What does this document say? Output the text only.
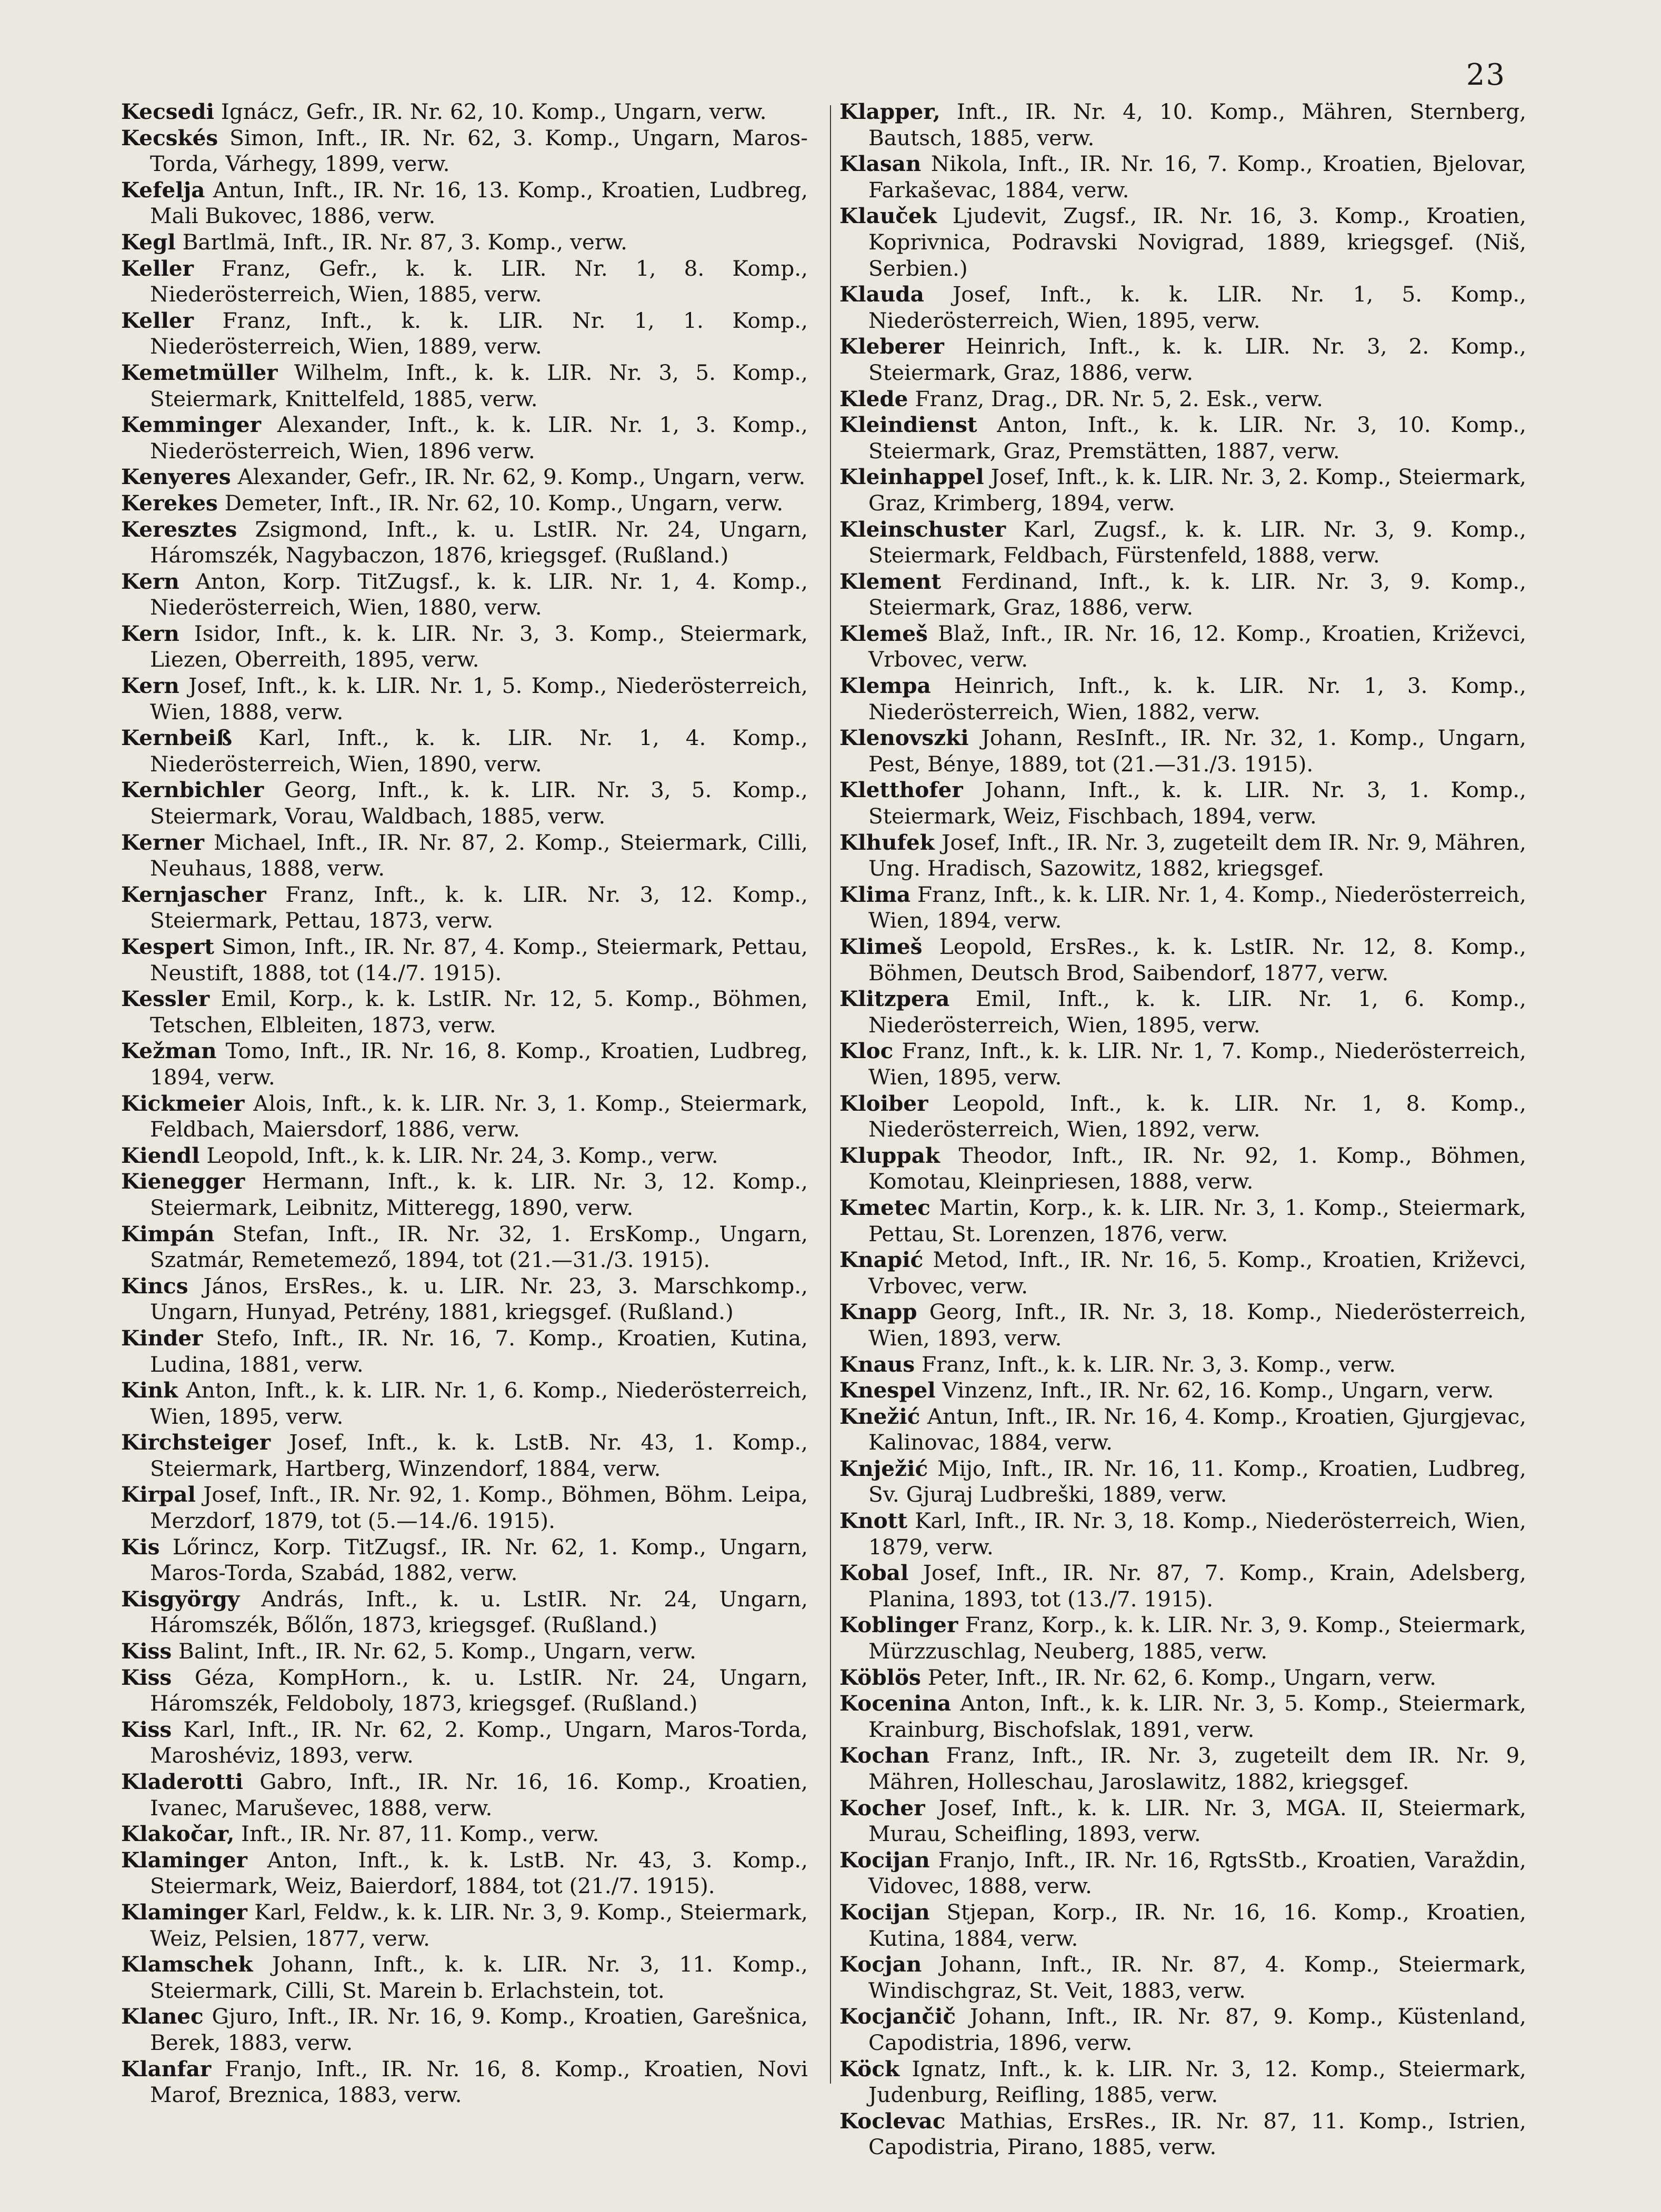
23
Kecsedi Ignácz, Gefr., IR. Nr. 62, 10. Komp., Ungarn, verw.
Kecskés Simon, Inft., IR. Nr. 62, 3. Komp., Ungarn, Maros-Torda, Várhegy, 1899, verw.
Kefelja Antun, Inft., IR. Nr. 16, 13. Komp., Kroatien, Ludbreg, Mali Bukovec, 1886, verw.
Kegl Bartlmä, Inft., IR. Nr. 87, 3. Komp., verw.
Keller Franz, Gefr., k. k. LIR. Nr. 1, 8. Komp., Niederösterreich, Wien, 1885, verw.
Keller Franz, Inft., k. k. LIR. Nr. 1, 1. Komp., Niederösterreich, Wien, 1889, verw.
Kemetmüller Wilhelm, Inft., k. k. LIR. Nr. 3, 5. Komp., Steiermark, Knittelfeld, 1885, verw.
Kemminger Alexander, Inft., k. k. LIR. Nr. 1, 3. Komp., Niederösterreich, Wien, 1896 verw.
Kenyeres Alexander, Gefr., IR. Nr. 62, 9. Komp., Ungarn, verw.
Kerekes Demeter, Inft., IR. Nr. 62, 10. Komp., Ungarn, verw.
Keresztes Zsigmond, Inft., k. u. LstIR. Nr. 24, Ungarn, Háromszék, Nagybaczon, 1876, kriegsgef. (Rußland.)
Kern Anton, Korp. TitZugsf., k. k. LIR. Nr. 1, 4. Komp., Niederösterreich, Wien, 1880, verw.
Kern Isidor, Inft., k. k. LIR. Nr. 3, 3. Komp., Steiermark, Liezen, Oberreith, 1895, verw.
Kern Josef, Inft., k. k. LIR. Nr. 1, 5. Komp., Niederösterreich, Wien, 1888, verw.
Kernbeiß Karl, Inft., k. k. LIR. Nr. 1, 4. Komp., Niederösterreich, Wien, 1890, verw.
Kernbichler Georg, Inft., k. k. LIR. Nr. 3, 5. Komp., Steiermark, Vorau, Waldbach, 1885, verw.
Kerner Michael, Inft., IR. Nr. 87, 2. Komp., Steiermark, Cilli, Neuhaus, 1888, verw.
Kernjascher Franz, Inft., k. k. LIR. Nr. 3, 12. Komp., Steiermark, Pettau, 1873, verw.
Kespert Simon, Inft., IR. Nr. 87, 4. Komp., Steiermark, Pettau, Neustift, 1888, tot (14./7. 1915).
Kessler Emil, Korp., k. k. LstIR. Nr. 12, 5. Komp., Böhmen, Tetschen, Elbleiten, 1873, verw.
Kežman Tomo, Inft., IR. Nr. 16, 8. Komp., Kroatien, Ludbreg, 1894, verw.
Kickmeier Alois, Inft., k. k. LIR. Nr. 3, 1. Komp., Steiermark, Feldbach, Maiersdorf, 1886, verw.
Kiendl Leopold, Inft., k. k. LIR. Nr. 24, 3. Komp., verw.
Kienegger Hermann, Inft., k. k. LIR. Nr. 3, 12. Komp., Steiermark, Leibnitz, Mitteregg, 1890, verw.
Kimpán Stefan, Inft., IR. Nr. 32, 1. ErsKomp., Ungarn, Szatmár, Remetemező, 1894, tot (21.—31./3. 1915).
Kincs János, ErsRes., k. u. LIR. Nr. 23, 3. Marschkomp., Ungarn, Hunyad, Petrény, 1881, kriegsgef. (Rußland.)
Kinder Stefo, Inft., IR. Nr. 16, 7. Komp., Kroatien, Kutina, Ludina, 1881, verw.
Kink Anton, Inft., k. k. LIR. Nr. 1, 6. Komp., Niederösterreich, Wien, 1895, verw.
Kirchsteiger Josef, Inft., k. k. LstB. Nr. 43, 1. Komp., Steiermark, Hartberg, Winzendorf, 1884, verw.
Kirpal Josef, Inft., IR. Nr. 92, 1. Komp., Böhmen, Böhm. Leipa, Merzdorf, 1879, tot (5.—14./6. 1915).
Kis Lőrincz, Korp. TitZugsf., IR. Nr. 62, 1. Komp., Ungarn, Maros-Torda, Szabád, 1882, verw.
Kisgyörgy András, Inft., k. u. LstIR. Nr. 24, Ungarn, Háromszék, Bőlőn, 1873, kriegsgef. (Rußland.)
Kiss Balint, Inft., IR. Nr. 62, 5. Komp., Ungarn, verw.
Kiss Géza, KompHorn., k. u. LstIR. Nr. 24, Ungarn, Háromszék, Feldoboly, 1873, kriegsgef. (Rußland.)
Kiss Karl, Inft., IR. Nr. 62, 2. Komp., Ungarn, Maros-Torda, Maroshéviz, 1893, verw.
Kladerotti Gabro, Inft., IR. Nr. 16, 16. Komp., Kroatien, Ivanec, Maruševec, 1888, verw.
Klakočar, Inft., IR. Nr. 87, 11. Komp., verw.
Klaminger Anton, Inft., k. k. LstB. Nr. 43, 3. Komp., Steiermark, Weiz, Baierdorf, 1884, tot (21./7. 1915).
Klaminger Karl, Feldw., k. k. LIR. Nr. 3, 9. Komp., Steiermark, Weiz, Pelsien, 1877, verw.
Klamschek Johann, Inft., k. k. LIR. Nr. 3, 11. Komp., Steiermark, Cilli, St. Marein b. Erlachstein, tot.
Klanec Gjuro, Inft., IR. Nr. 16, 9. Komp., Kroatien, Garešnica, Berek, 1883, verw.
Klanfar Franjo, Inft., IR. Nr. 16, 8. Komp., Kroatien, Novi Marof, Breznica, 1883, verw.
Klapper, Inft., IR. Nr. 4, 10. Komp., Mähren, Sternberg, Bautsch, 1885, verw.
Klasan Nikola, Inft., IR. Nr. 16, 7. Komp., Kroatien, Bjelovar, Farkaševac, 1884, verw.
Klauček Ljudevit, Zugsf., IR. Nr. 16, 3. Komp., Kroatien, Koprivnica, Podravski Novigrad, 1889, kriegsgef. (Niš, Serbien.)
Klauda Josef, Inft., k. k. LIR. Nr. 1, 5. Komp., Niederösterreich, Wien, 1895, verw.
Kleberer Heinrich, Inft., k. k. LIR. Nr. 3, 2. Komp., Steiermark, Graz, 1886, verw.
Klede Franz, Drag., DR. Nr. 5, 2. Esk., verw.
Kleindienst Anton, Inft., k. k. LIR. Nr. 3, 10. Komp., Steiermark, Graz, Premstätten, 1887, verw.
Kleinhappel Josef, Inft., k. k. LIR. Nr. 3, 2. Komp., Steiermark, Graz, Krimberg, 1894, verw.
Kleinschuster Karl, Zugsf., k. k. LIR. Nr. 3, 9. Komp., Steiermark, Feldbach, Fürstenfeld, 1888, verw.
Klement Ferdinand, Inft., k. k. LIR. Nr. 3, 9. Komp., Steiermark, Graz, 1886, verw.
Klemeš Blaž, Inft., IR. Nr. 16, 12. Komp., Kroatien, Križevci, Vrbovec, verw.
Klempa Heinrich, Inft., k. k. LIR. Nr. 1, 3. Komp., Niederösterreich, Wien, 1882, verw.
Klenovszki Johann, ResInft., IR. Nr. 32, 1. Komp., Ungarn, Pest, Bénye, 1889, tot (21.—31./3. 1915).
Kletthofer Johann, Inft., k. k. LIR. Nr. 3, 1. Komp., Steiermark, Weiz, Fischbach, 1894, verw.
Klhufek Josef, Inft., IR. Nr. 3, zugeteilt dem IR. Nr. 9, Mähren, Ung. Hradisch, Sazowitz, 1882, kriegsgef.
Klima Franz, Inft., k. k. LIR. Nr. 1, 4. Komp., Niederösterreich, Wien, 1894, verw.
Klimeš Leopold, ErsRes., k. k. LstIR. Nr. 12, 8. Komp., Böhmen, Deutsch Brod, Saibendorf, 1877, verw.
Klitzpera Emil, Inft., k. k. LIR. Nr. 1, 6. Komp., Niederösterreich, Wien, 1895, verw.
Kloc Franz, Inft., k. k. LIR. Nr. 1, 7. Komp., Niederösterreich, Wien, 1895, verw.
Kloiber Leopold, Inft., k. k. LIR. Nr. 1, 8. Komp., Niederösterreich, Wien, 1892, verw.
Kluppak Theodor, Inft., IR. Nr. 92, 1. Komp., Böhmen, Komotau, Kleinpriesen, 1888, verw.
Kmetec Martin, Korp., k. k. LIR. Nr. 3, 1. Komp., Steiermark, Pettau, St. Lorenzen, 1876, verw.
Knapić Metod, Inft., IR. Nr. 16, 5. Komp., Kroatien, Križevci, Vrbovec, verw.
Knapp Georg, Inft., IR. Nr. 3, 18. Komp., Niederösterreich, Wien, 1893, verw.
Knaus Franz, Inft., k. k. LIR. Nr. 3, 3. Komp., verw.
Knespel Vinzenz, Inft., IR. Nr. 62, 16. Komp., Ungarn, verw.
Knežić Antun, Inft., IR. Nr. 16, 4. Komp., Kroatien, Gjurgjevac, Kalinovac, 1884, verw.
Knježić Mijo, Inft., IR. Nr. 16, 11. Komp., Kroatien, Ludbreg, Sv. Gjuraj Ludbreški, 1889, verw.
Knott Karl, Inft., IR. Nr. 3, 18. Komp., Niederösterreich, Wien, 1879, verw.
Kobal Josef, Inft., IR. Nr. 87, 7. Komp., Krain, Adelsberg, Planina, 1893, tot (13./7. 1915).
Koblinger Franz, Korp., k. k. LIR. Nr. 3, 9. Komp., Steiermark, Mürzzuschlag, Neuberg, 1885, verw.
Köblös Peter, Inft., IR. Nr. 62, 6. Komp., Ungarn, verw.
Kocenina Anton, Inft., k. k. LIR. Nr. 3, 5. Komp., Steiermark, Krainburg, Bischofslak, 1891, verw.
Kochan Franz, Inft., IR. Nr. 3, zugeteilt dem IR. Nr. 9, Mähren, Holleschau, Jaroslawitz, 1882, kriegsgef.
Kocher Josef, Inft., k. k. LIR. Nr. 3, MGA. II, Steiermark, Murau, Scheifling, 1893, verw.
Kocijan Franjo, Inft., IR. Nr. 16, RgtsStb., Kroatien, Varaždin, Vidovec, 1888, verw.
Kocijan Stjepan, Korp., IR. Nr. 16, 16. Komp., Kroatien, Kutina, 1884, verw.
Kocjan Johann, Inft., IR. Nr. 87, 4. Komp., Steiermark, Windischgraz, St. Veit, 1883, verw.
Kocjančič Johann, Inft., IR. Nr. 87, 9. Komp., Küstenland, Capodistria, 1896, verw.
Köck Ignatz, Inft., k. k. LIR. Nr. 3, 12. Komp., Steiermark, Judenburg, Reifling, 1885, verw.
Koclevac Mathias, ErsRes., IR. Nr. 87, 11. Komp., Istrien, Capodistria, Pirano, 1885, verw.
